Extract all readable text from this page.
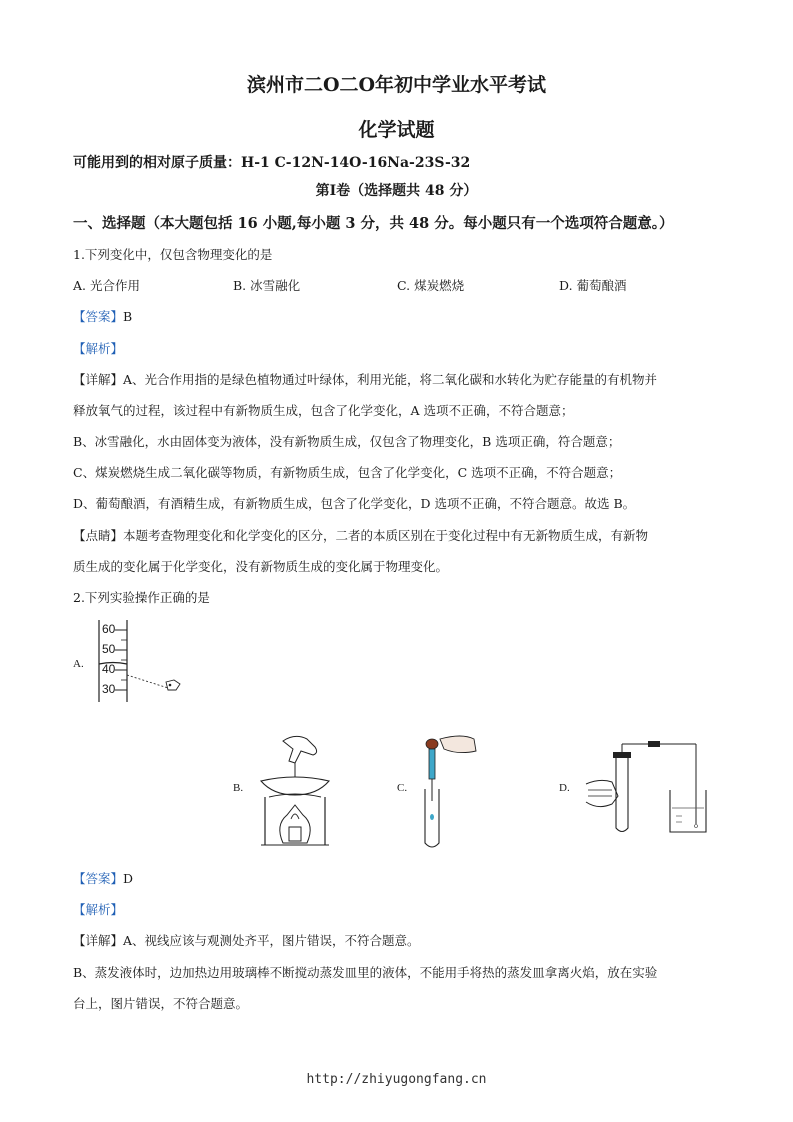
滨州市二O二O年初中学业水平考试
化学试题
可能用到的相对原子质量：H-1 C-12N-14O-16Na-23S-32
第Ⅰ卷（选择题共 48 分）
一、选择题（本大题包括 16 小题,每小题 3 分，共 48 分。每小题只有一个选项符合题意。）
1.下列变化中，仅包含物理变化的是
A. 光合作用	B. 冰雪融化	C. 煤炭燃烧	D. 葡萄酿酒
【答案】B
【解析】
【详解】A、光合作用指的是绿色植物通过叶绿体，利用光能，将二氧化碳和水转化为贮存能量的有机物并
释放氧气的过程，该过程中有新物质生成，包含了化学变化，A 选项不正确，不符合题意；
B、冰雪融化，水由固体变为液体，没有新物质生成，仅包含了物理变化，B 选项正确，符合题意；
C、煤炭燃烧生成二氧化碳等物质，有新物质生成，包含了化学变化，C 选项不正确，不符合题意；
D、葡萄酿酒，有酒精生成，有新物质生成，包含了化学变化，D 选项不正确，不符合题意。故选 B。
【点睛】本题考查物理变化和化学变化的区分，二者的本质区别在于变化过程中有无新物质生成，有新物
质生成的变化属于化学变化，没有新物质生成的变化属于物理变化。
2.下列实验操作正确的是
A.
60
50
40
30
B.	C.	D.
【答案】D
【解析】
【详解】A、视线应该与观测处齐平，图片错误，不符合题意。
B、蒸发液体时，边加热边用玻璃棒不断搅动蒸发皿里的液体，不能用手将热的蒸发皿拿离火焰，放在实验
台上，图片错误，不符合题意。
http://zhiyugongfang.cn
